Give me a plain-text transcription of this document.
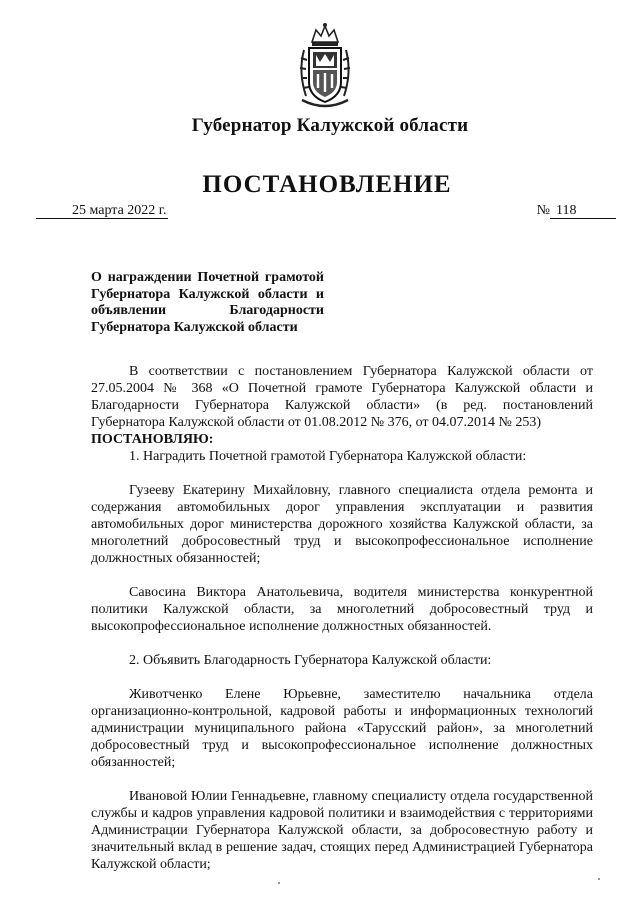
Губернатор Калужской области
ПОСТАНОВЛЕНИЕ
25 марта 2022 г.	№ 118
О награждении Почетной грамотой Губернатора Калужской области и объявлении Благодарности Губернатора Калужской области

В соответствии с постановлением Губернатора Калужской области от 27.05.2004 № 368 «О Почетной грамоте Губернатора Калужской области и Благодарности Губернатора Калужской области» (в ред. постановлений Губернатора Калужской области от 01.08.2012 № 376, от 04.07.2014 № 253)

ПОСТАНОВЛЯЮ:

1. Наградить Почетной грамотой Губернатора Калужской области:

Гузееву Екатерину Михайловну, главного специалиста отдела ремонта и содержания автомобильных дорог управления эксплуатации и развития автомобильных дорог министерства дорожного хозяйства Калужской области, за многолетний добросовестный труд и высокопрофессиональное исполнение должностных обязанностей;

Савосина Виктора Анатольевича, водителя министерства конкурентной политики Калужской области, за многолетний добросовестный труд и высокопрофессиональное исполнение должностных обязанностей.

2. Объявить Благодарность Губернатора Калужской области:

Животченко Елене Юрьевне, заместителю начальника отдела организационно-контрольной, кадровой работы и информационных технологий администрации муниципального района «Тарусский район», за многолетний добросовестный труд и высокопрофессиональное исполнение должностных обязанностей;

Ивановой Юлии Геннадьевне, главному специалисту отдела государственной службы и кадров управления кадровой политики и взаимодействия с территориями Администрации Губернатора Калужской области, за добросовестную работу и значительный вклад в решение задач, стоящих перед Администрацией Губернатора Калужской области;
